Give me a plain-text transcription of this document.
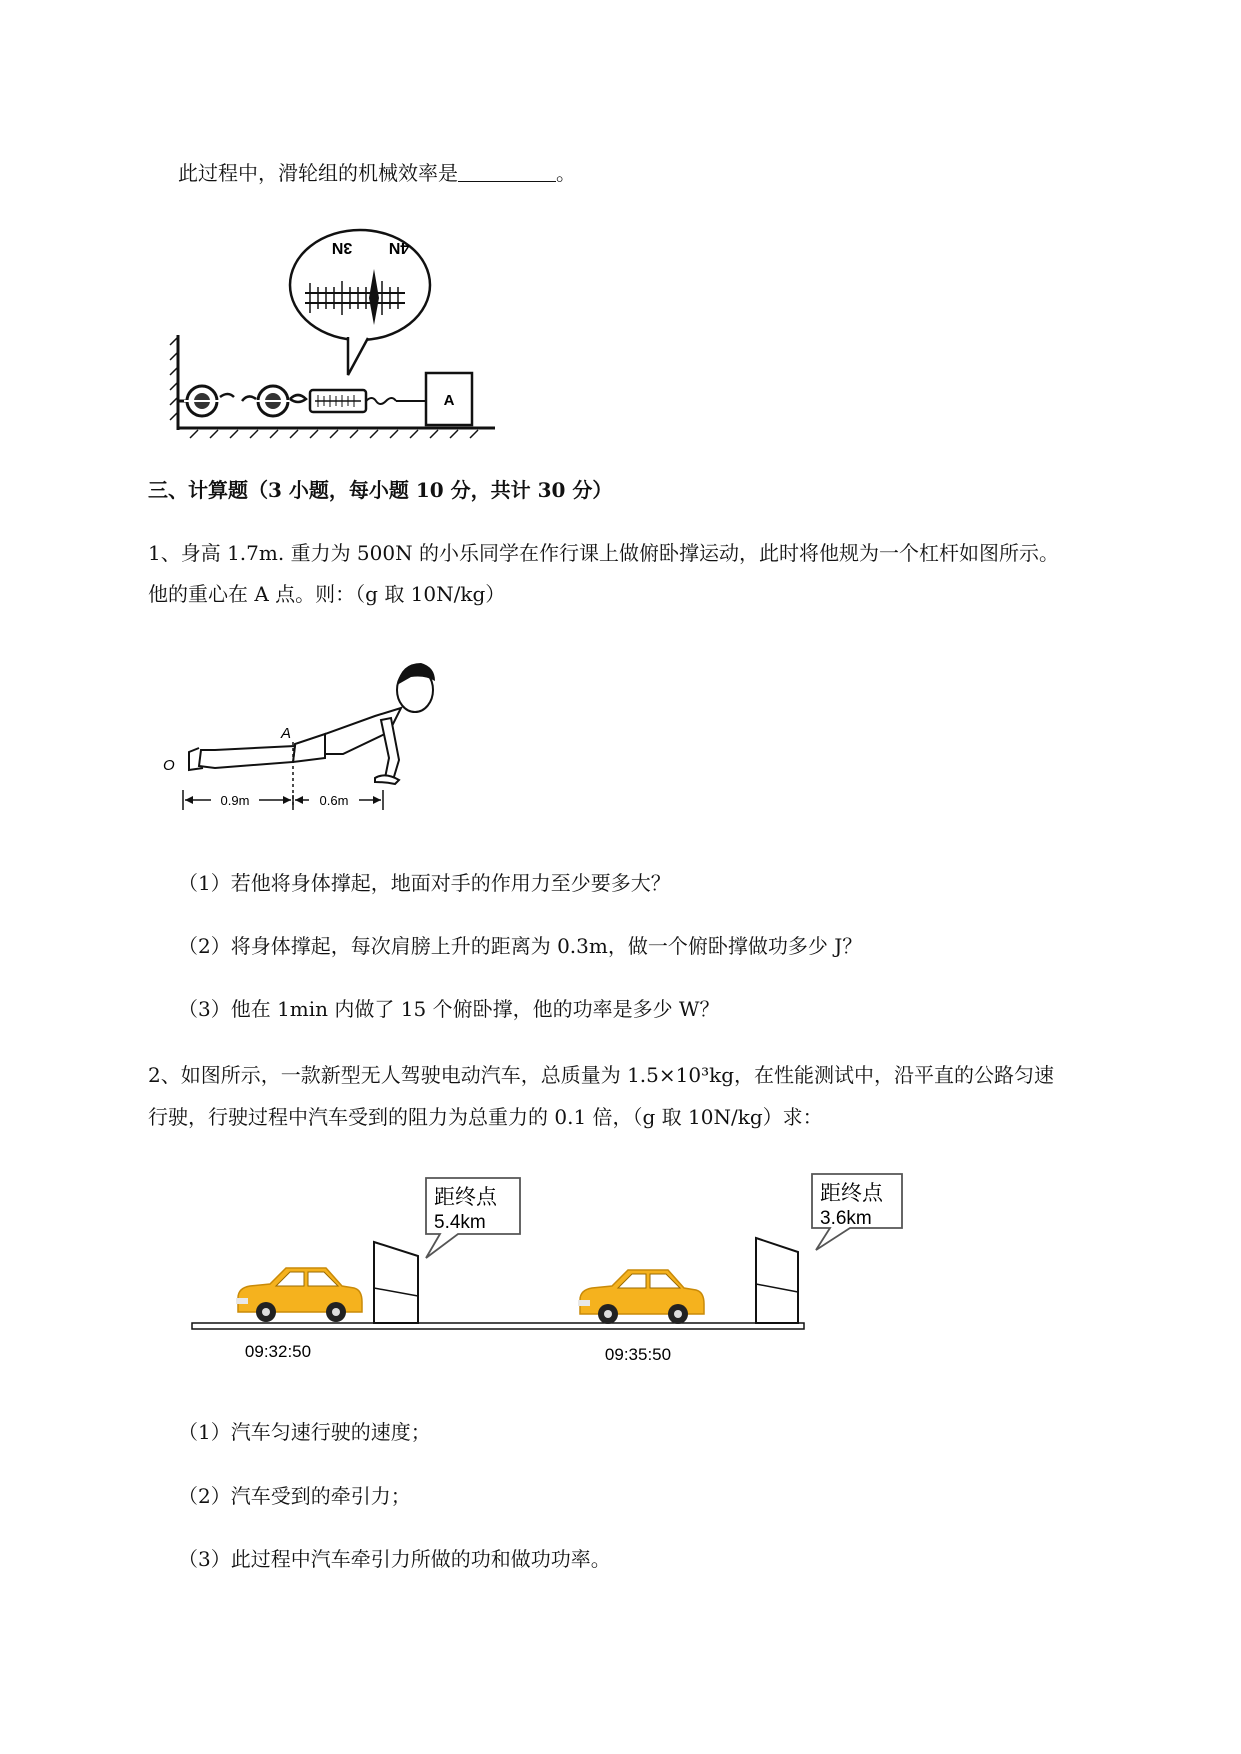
此过程中，滑轮组的机械效率是	。
3N 4N
A
三、计算题（3 小题，每小题 10 分，共计 30 分）
1、身高 1.7m. 重力为 500N 的小乐同学在作行课上做俯卧撑运动，此时将他规为一个杠杆如图所示。
他的重心在 A 点。则：（g 取 10N/kg）
A
O
0.9m	0.6m
（1）若他将身体撑起，地面对手的作用力至少要多大？
（2）将身体撑起，每次肩膀上升的距离为 0.3m，做一个俯卧撑做功多少 J？
（3）他在 1min 内做了 15 个俯卧撑，他的功率是多少 W？
2、如图所示，一款新型无人驾驶电动汽车，总质量为 1.5×10³kg，在性能测试中，沿平直的公路匀速
行驶，行驶过程中汽车受到的阻力为总重力的 0.1 倍，（g 取 10N/kg）求：
距终点
5.4km
距终点
3.6km
09:32:50	09:35:50
（1）汽车匀速行驶的速度；
（2）汽车受到的牵引力；
（3）此过程中汽车牵引力所做的功和做功功率。
